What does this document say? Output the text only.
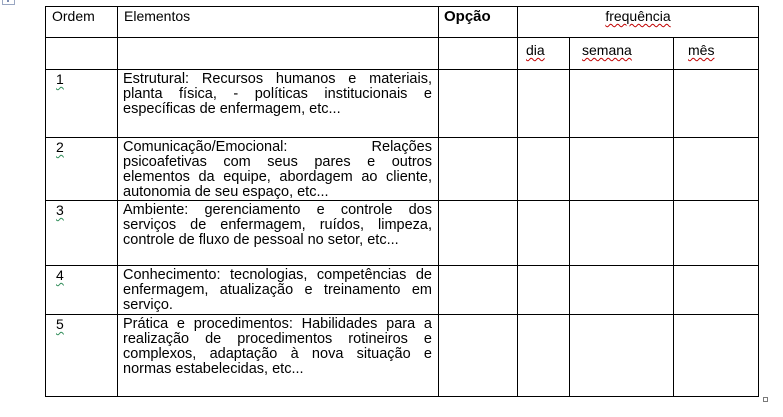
Ordem	Elementos	Opção	frequência		
			dia	semana	mês
1	Estrutural: Recursos humanos e materiais, planta física, - políticas institucionais e específicas de enfermagem, etc...				
2	Comunicação/Emocional: Relações psicoafetivas com seus pares e outros elementos da equipe, abordagem ao cliente, autonomia de seu espaço, etc...				
3	Ambiente: gerenciamento e controle dos serviços de enfermagem, ruídos, limpeza, controle de fluxo de pessoal no setor, etc...				
4	Conhecimento: tecnologias, competências de enfermagem, atualização e treinamento em serviço.				
5	Prática e procedimentos: Habilidades para a realização de procedimentos rotineiros e complexos, adaptação à nova situação e normas estabelecidas, etc...				
